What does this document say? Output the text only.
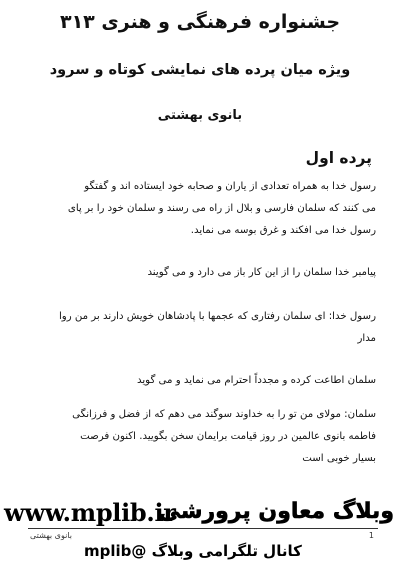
جشنواره فرهنگی و هنری ۳۱۳
ویژه میان پرده های نمایشی کوتاه و سرود
بانوی بهشتی
پرده اول
رسول خدا به همراه تعدادی از یاران و صحابه خود ایستاده اند و گفتگو
می کنند که سلمان فارسی و بلال از راه می رسند و سلمان خود را بر پای
رسول خدا می افکند و غرق بوسه می نماید.
پیامبر خدا سلمان را از این کار باز می دارد و می گویند
رسول خدا: ای سلمان رفتاری که عجمها با پادشاهان خویش دارند بر من روا
مدار
سلمان اطاعت کرده و مجدداً احترام می نماید و می گوید
سلمان: مولای من تو را به خداوند سوگند می دهم که از فضل و فرزانگی
فاطمه بانوی عالمین در روز قیامت برایمان سخن بگویید. اکنون فرصت
بسیار خوبی است
www.mplib.ir
وبلاگ معاون پرورشی
بانوی بهشتی	1
کانال تلگرامی وبلاگ @mplib
